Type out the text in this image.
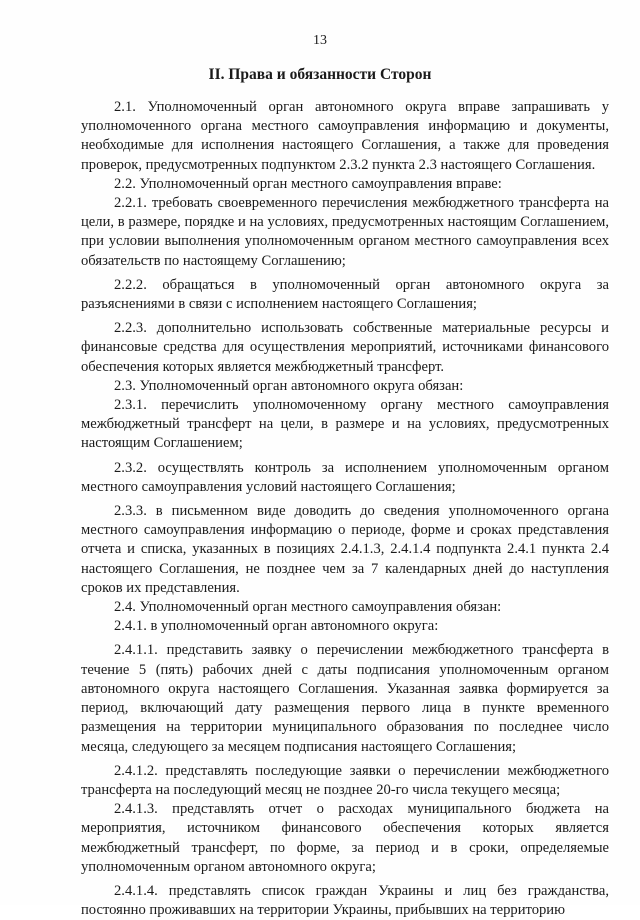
13
II. Права и обязанности Сторон

2.1. Уполномоченный орган автономного округа вправе запрашивать у уполномоченного органа местного самоуправления информацию и документы, необходимые для исполнения настоящего Соглашения, а также для проведения проверок, предусмотренных подпунктом 2.3.2 пункта 2.3 настоящего Соглашения.

2.2. Уполномоченный орган местного самоуправления вправе:

2.2.1. требовать своевременного перечисления межбюджетного трансферта на цели, в размере, порядке и на условиях, предусмотренных настоящим Соглашением, при условии выполнения уполномоченным органом местного самоуправления всех обязательств по настоящему Соглашению;

2.2.2. обращаться в уполномоченный орган автономного округа за разъяснениями в связи с исполнением настоящего Соглашения;

2.2.3. дополнительно использовать собственные материальные ресурсы и финансовые средства для осуществления мероприятий, источниками финансового обеспечения которых является межбюджетный трансферт.

2.3. Уполномоченный орган автономного округа обязан:

2.3.1. перечислить уполномоченному органу местного самоуправления межбюджетный трансферт на цели, в размере и на условиях, предусмотренных настоящим Соглашением;

2.3.2. осуществлять контроль за исполнением уполномоченным органом местного самоуправления условий настоящего Соглашения;

2.3.3. в письменном виде доводить до сведения уполномоченного органа местного самоуправления информацию о периоде, форме и сроках представления отчета и списка, указанных в позициях 2.4.1.3, 2.4.1.4 подпункта 2.4.1 пункта 2.4 настоящего Соглашения, не позднее чем за 7 календарных дней до наступления сроков их представления.

2.4. Уполномоченный орган местного самоуправления обязан:

2.4.1. в уполномоченный орган автономного округа:

2.4.1.1. представить заявку о перечислении межбюджетного трансферта в течение 5 (пять) рабочих дней с даты подписания уполномоченным органом автономного округа настоящего Соглашения. Указанная заявка формируется за период, включающий дату размещения первого лица в пункте временного размещения на территории муниципального образования по последнее число месяца, следующего за месяцем подписания настоящего Соглашения;

2.4.1.2. представлять последующие заявки о перечислении межбюджетного трансферта на последующий месяц не позднее 20-го числа текущего месяца;

2.4.1.3. представлять отчет о расходах муниципального бюджета на мероприятия, источником финансового обеспечения которых является межбюджетный трансферт, по форме, за период и в сроки, определяемые уполномоченным органом автономного округа;

2.4.1.4. представлять список граждан Украины и лиц без гражданства, постоянно проживавших на территории Украины, прибывших на территорию
